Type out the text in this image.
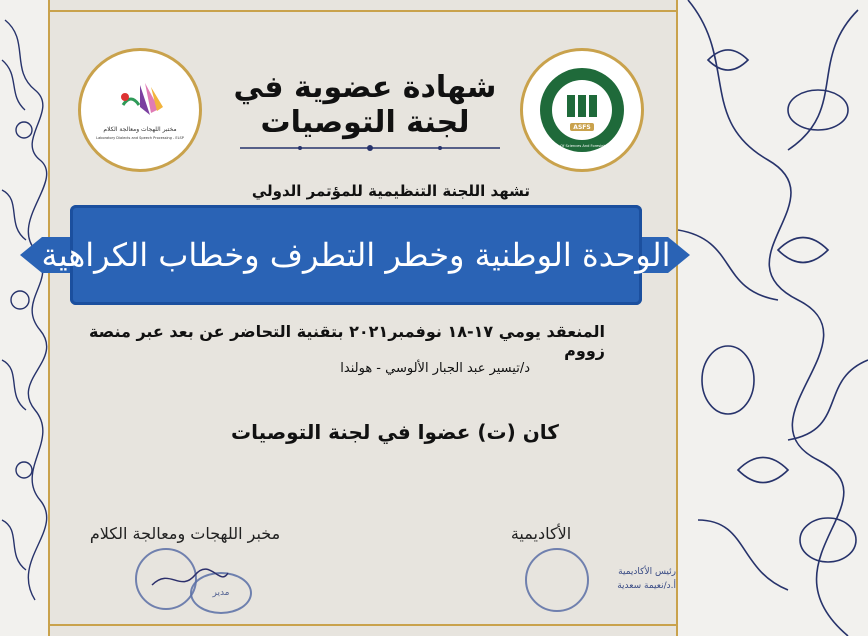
مختبر اللهجات ومعالجة الكلام
Laboratory Dialects and Speech Processing - ELSP
شهادة عضوية في لجنة التوصيات	ASFS
Academy Of Sciences And Foresight Studies
تشهد اللجنة التنظيمية للمؤتمر الدولي
الوحدة الوطنية وخطر التطرف وخطاب الكراهية
المنعقد يومي ١٧-١٨ نوفمبر٢٠٢١ بتقنية التحاضر عن بعد عبر منصة زووم
د/تيسير عبد الجبار الألوسي - هولندا
كان (ت) عضوا في لجنة التوصيات
مخبر اللهجات ومعالجة الكلام	الأكاديمية
مدير
رئيس الأكاديمية
أ.د/نعيمة سعدية
